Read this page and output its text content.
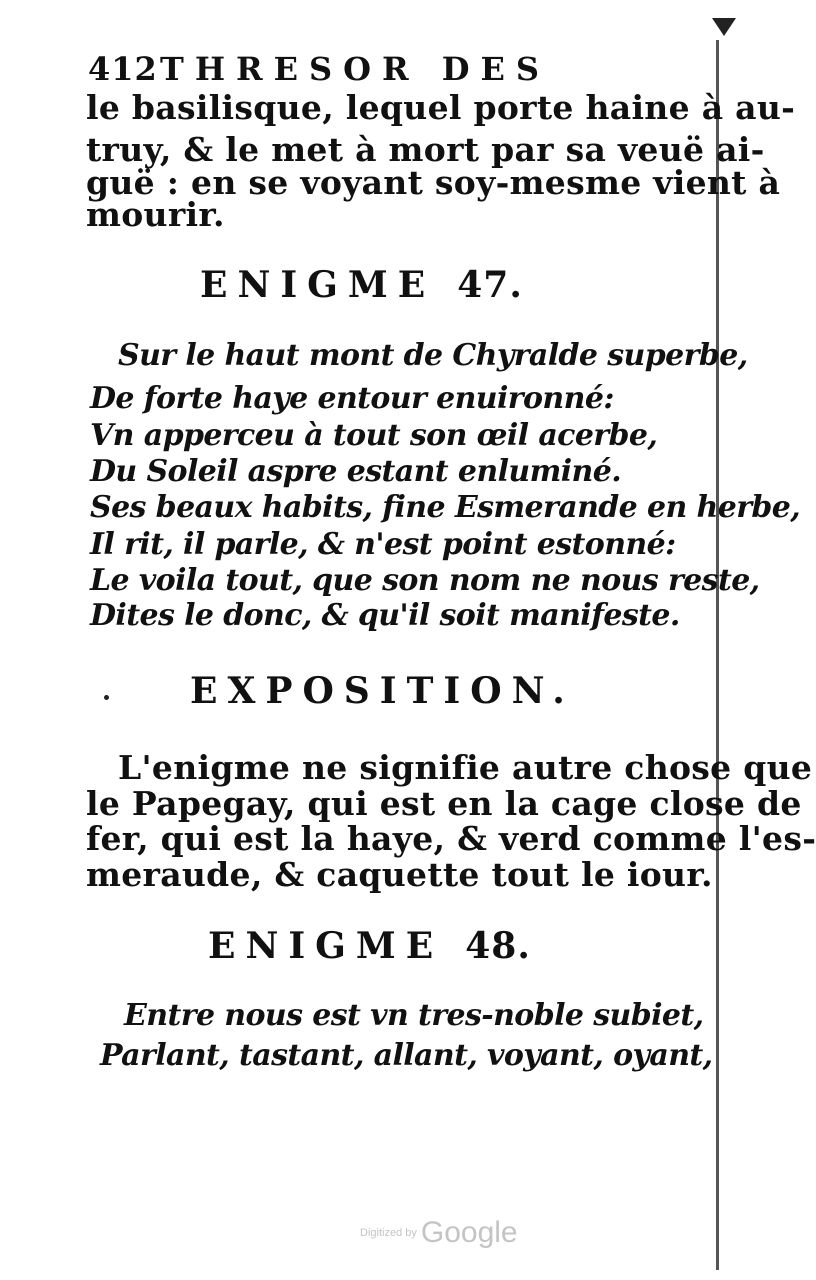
412THRESOR DES
le basilisque, lequel porte haine à au-
truy, & le met à mort par sa veuë ai-
guë : en se voyant soy-mesme vient à
mourir.
ENIGME 47.
Sur le haut mont de Chyralde superbe,
De forte haye entour enuironné:
Vn apperceu à tout son œil acerbe,
Du Soleil aspre estant enluminé.
Ses beaux habits, fine Esmerande en herbe,
Il rit, il parle, & n'est point estonné:
Le voila tout, que son nom ne nous reste,
Dites le donc, & qu'il soit manifeste.
EXPOSITION.
L'enigme ne signifie autre chose que
le Papegay, qui est en la cage close de
fer, qui est la haye, & verd comme l'es-
meraude, & caquette tout le iour.
ENIGME 48.
Entre nous est vn tres-noble subiet,
Parlant, tastant, allant, voyant, oyant,
Digitized by Google
